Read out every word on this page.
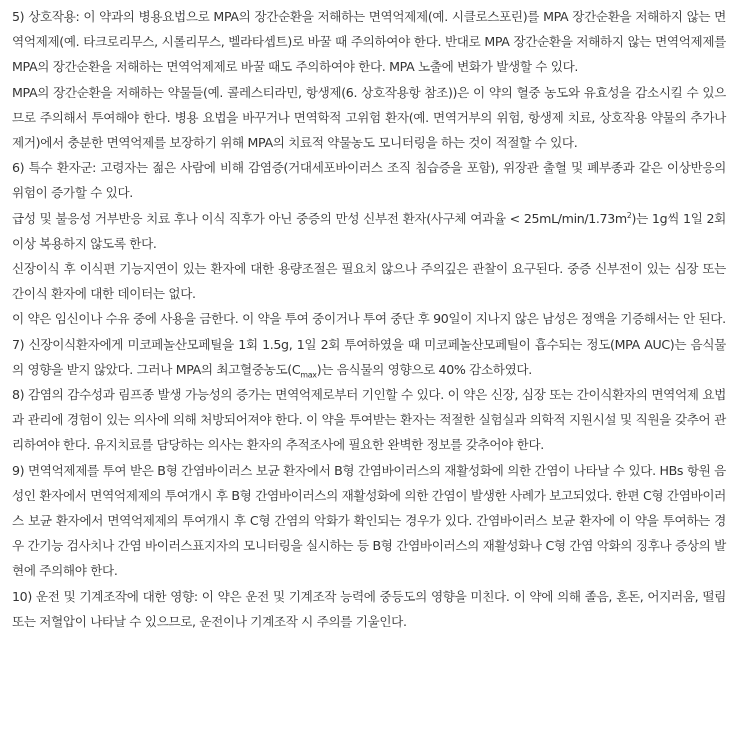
5) 상호작용: 이 약과의 병용요법으로 MPA의 장간순환을 저해하는 면역억제제(예. 시클로스포린)를 MPA 장간순환을 저해하지 않는 면역억제제(예. 타크로리무스, 시롤리무스, 벨라타셉트)로 바꿀 때 주의하여야 한다. 반대로 MPA 장간순환을 저해하지 않는 면역억제제를 MPA의 장간순환을 저해하는 면역억제제로 바꿀 때도 주의하여야 한다. MPA 노출에 변화가 발생할 수 있다.

MPA의 장간순환을 저해하는 약물들(예. 콜레스티라민, 항생제(6. 상호작용항 참조))은 이 약의 혈중 농도와 유효성을 감소시킬 수 있으므로 주의해서 투여해야 한다. 병용 요법을 바꾸거나 면역학적 고위험 환자(예. 면역거부의 위험, 항생제 치료, 상호작용 약물의 추가나 제거)에서 충분한 면역억제를 보장하기 위해 MPA의 치료적 약물농도 모니터링을 하는 것이 적절할 수 있다.

6) 특수 환자군: 고령자는 젊은 사람에 비해 감염증(거대세포바이러스 조직 침습증을 포함), 위장관 출혈 및 폐부종과 같은 이상반응의 위험이 증가할 수 있다.

급성 및 불응성 거부반응 치료 후나 이식 직후가 아닌 중증의 만성 신부전 환자(사구체 여과율 < $25mL/\min/1.73m^2$)는 1g씩 1일 2회 이상 복용하지 않도록 한다.

신장이식 후 이식편 기능지연이 있는 환자에 대한 용량조절은 필요치 않으나 주의깊은 관찰이 요구된다. 중증 신부전이 있는 심장 또는 간이식 환자에 대한 데이터는 없다.

이 약은 임신이나 수유 중에 사용을 금한다. 이 약을 투여 중이거나 투여 중단 후 90일이 지나지 않은 남성은 정액을 기증해서는 안 된다.

7) 신장이식환자에게 미코페놀산모페틸을 1회 1.5g, 1일 2회 투여하였을 때 미코페놀산모페틸이 흡수되는 정도(MPA AUC)는 음식물의 영향을 받지 않았다. 그러나 MPA의 최고혈중농도$(C_{max})$는 음식물의 영향으로 40% 감소하였다.

8) 감염의 감수성과 림프종 발생 가능성의 증가는 면역억제로부터 기인할 수 있다. 이 약은 신장, 심장 또는 간이식환자의 면역억제 요법과 관리에 경험이 있는 의사에 의해 처방되어져야 한다. 이 약을 투여받는 환자는 적절한 실험실과 의학적 지원시설 및 직원을 갖추어 관리하여야 한다. 유지치료를 담당하는 의사는 환자의 추적조사에 필요한 완벽한 정보를 갖추어야 한다.

9) 면역억제제를 투여 받은 B형 간염바이러스 보균 환자에서 B형 간염바이러스의 재활성화에 의한 간염이 나타날 수 있다. HBs 항원 음성인 환자에서 면역억제제의 투여개시 후 B형 간염바이러스의 재활성화에 의한 간염이 발생한 사례가 보고되었다. 한편 C형 간염바이러스 보균 환자에서 면역억제제의 투여개시 후 C형 간염의 악화가 확인되는 경우가 있다. 간염바이러스 보균 환자에 이 약을 투여하는 경우 간기능 검사치나 간염 바이러스표지자의 모니터링을 실시하는 등 B형 간염바이러스의 재활성화나 C형 간염 악화의 징후나 증상의 발현에 주의해야 한다.

10) 운전 및 기계조작에 대한 영향: 이 약은 운전 및 기계조작 능력에 중등도의 영향을 미친다. 이 약에 의해 졸음, 혼돈, 어지러움, 떨림 또는 저혈압이 나타날 수 있으므로, 운전이나 기계조작 시 주의를 기울인다.
